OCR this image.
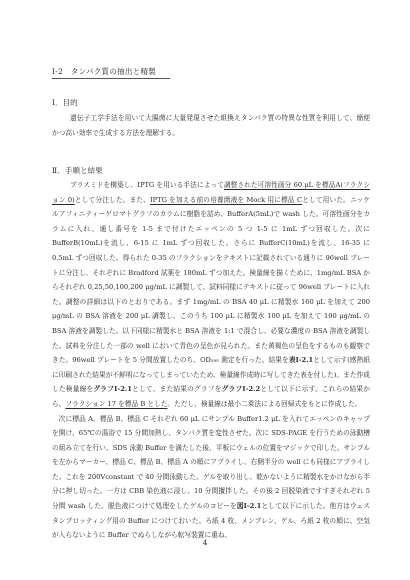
Ⅰ-2　タンパク質の抽出と精製
Ⅰ．目的

遺伝子工学手法を用いて大腸菌に大量発現させた組換えタンパク質の特異な性質を利用して、簡便かつ高い効率で生成する方法を理解する。

Ⅱ．手順と結果

プラスミドを構築し、IPTG を用いる手法によって調整された可溶性画分 60 μL を標品A(フラクション 0)として分注した。また、IPTG を加える前の培養菌液を Mock 用に標品 Cとして用いた。ニッケルアフィニティーゲロマトグラフのカラムに樹脂を詰め、BufferA(5mL)で wash した。可溶性画分をカラムに入れ、通し番号を 1-5 まで付けたエッペンの 5 つ 1-5 に 1mL ずつ回収した。次に BufferB(10mL)を流し、6-15 に 1mL ずつ回収した。さらに BufferC(10mL)を流し、16-35 に 0.5mL ずつ回収した。得られた 0-35 のフラクションをテキストに記載されている通りに 96well プレートに分注し、それぞれに Bradford 試薬を 180mL ずつ加えた。検量線を描くために、1mg/mL BSA からそれぞれ 0,25,50,100,200 μg/mL に調製して、試料同様にテキストに従って 96well プレートに入れた。調整の詳細は以下のとおりである。まず 1mg/mL の BSA 40 μL に精製水 160 μL を加えて 200 μg/mL の BSA 溶液を 200 μL 調製し、このうち 100 μL に精製水 100 μL を加えて 100 μg/mL の BSA 溶液を調製した。以下同様に精製水と BSA 溶液を 1:1 で混合し、必要な濃度の BSA 溶液を調製した。試料を分注した一部の well において青色の呈色が見られた。また黄褐色の呈色をするものも観察できた。96well プレートを 5 分間放置したのち、OD₅₉₅ 測定を行った。結果を表Ⅰ-2.1として示す(感熱紙に印刷された結果が不鮮明になってしまっていたため、検量線作成時に写してきた表を付した)。また作成した検量線をグラフⅠ-2.1として、また結果のグラフをグラフⅠ-2.2として以下に示す。これらの結果から、フラクション 17 を標品 B とした。ただし、検量線は最小二乗法による回帰式をもとに作成した。
　次に標品 A、標品 B、標品 C それぞれ 60 μL にサンプル Buffer1.2 μL を入れてエッペンのキャップを開け、65℃の湯浴で 15 分間加熱し、タンパク質を変性させた。次に SDS-PAGE を行うための泳動槽の組み立てを行い、SDS 泳動 Buffer を満たした後、平板にウェルの位置をマジックで印した。サンプルを左からマーカー、標品 C、標品 B、標品 A の順にアプライし、右側半分の well にも同様にアプライした。これを 200Vconstant で 40 分間泳動した。ゲルを取り出し、乾かないように精製水をかけながら半分に押し切った。一方は CBB 染色液に浸し、10 分間攪拌した。その後 2 回脱染液ですすぎそれぞれ 5 分間 wash した。脱色液につけて処理をしたゲルのコピーを図Ⅰ-2.1として以下に示した。他方はウェスタンブロッティング用の Buffer につけておいた。ろ紙 4 枚、メンブレン、ゲル、ろ紙 2 枚の順に、空気が入らないように Buffer でぬらしながら転写装置に重ね、

4
